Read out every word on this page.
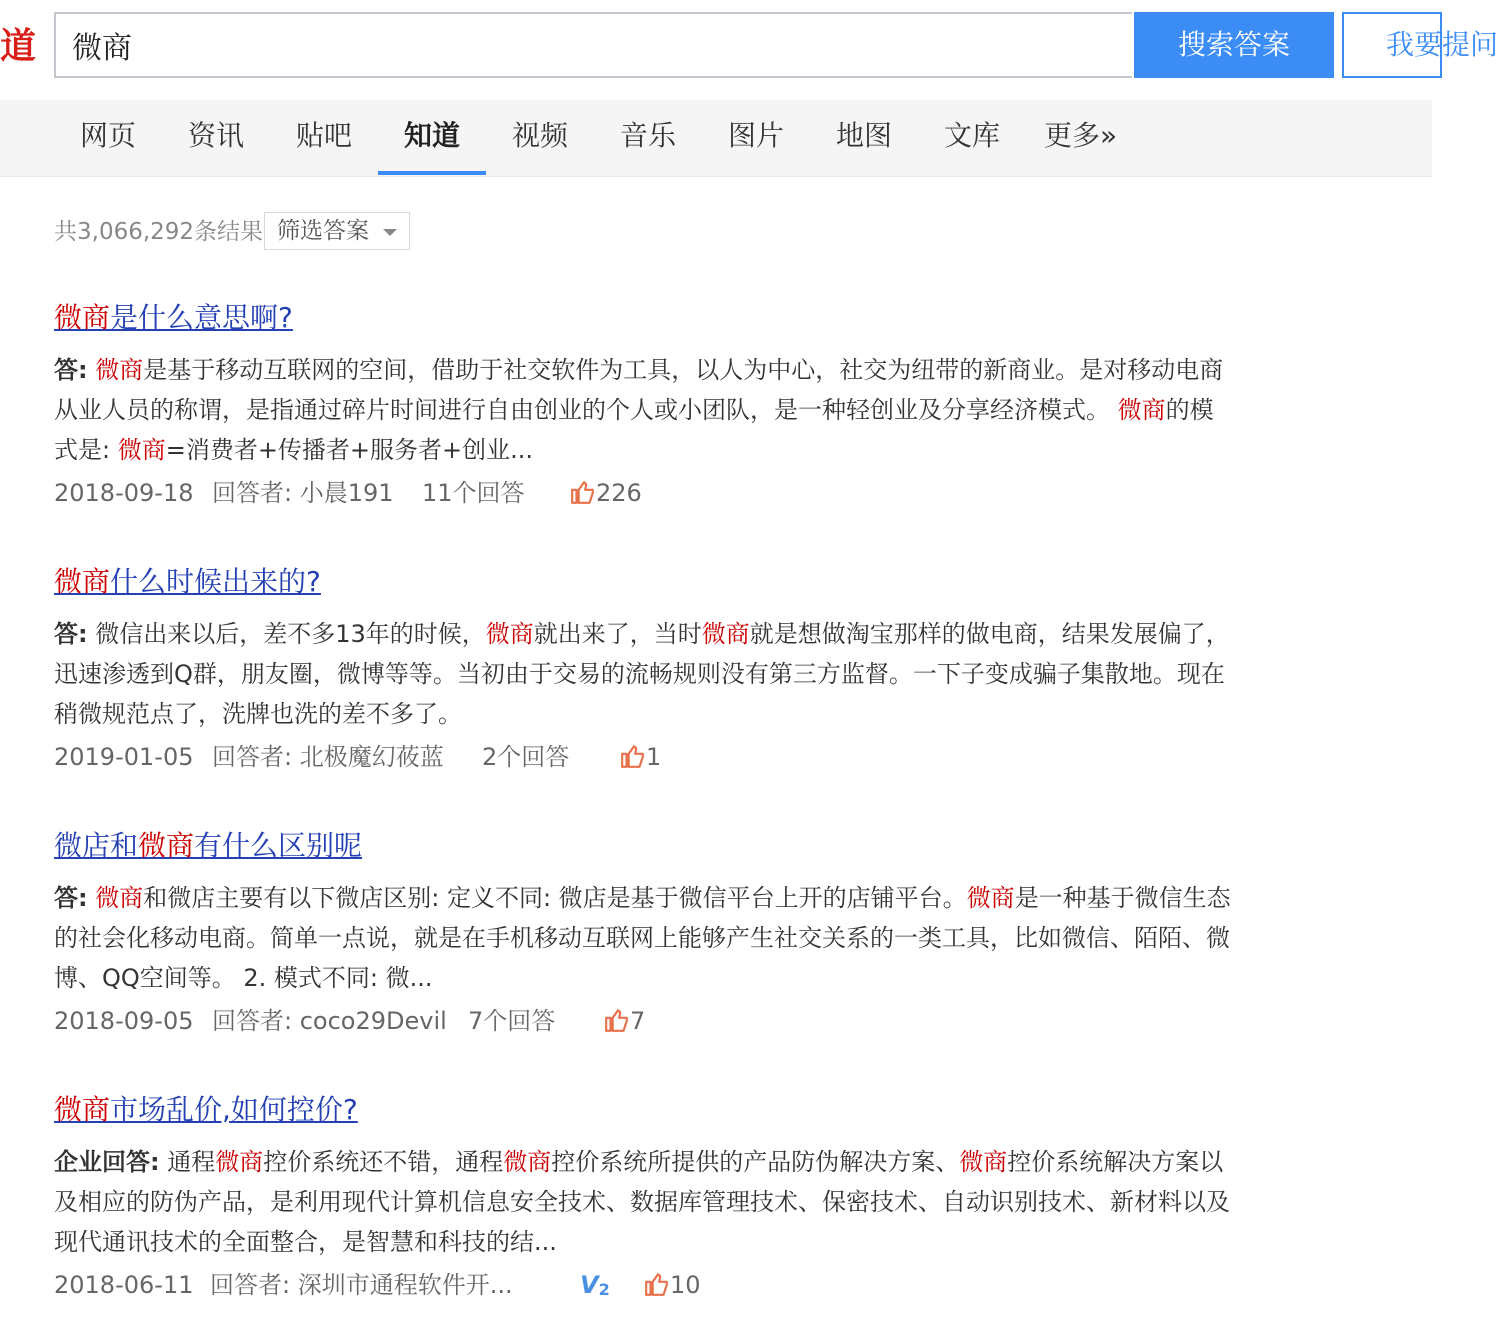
道
微商	搜索答案	我要提问
网页 资讯 贴吧 知道 视频 音乐 图片 地图 文库 更多»
共3,066,292条结果 筛选答案
微商是什么意思啊?
答: 微商是基于移动互联网的空间，借助于社交软件为工具，以人为中心，社交为纽带的新商业。是对移动电商从业人员的称谓，是指通过碎片时间进行自由创业的个人或小团队，是一种轻创业及分享经济模式。 微商的模式是: 微商=消费者+传播者+服务者+创业...
2018-09-18 回答者: 小晨191 11个回答	226
微商什么时候出来的?
答: 微信出来以后，差不多13年的时候，微商就出来了，当时微商就是想做淘宝那样的做电商，结果发展偏了，迅速渗透到Q群，朋友圈，微博等等。当初由于交易的流畅规则没有第三方监督。一下子变成骗子集散地。现在稍微规范点了，洗牌也洗的差不多了。
2019-01-05 回答者: 北极魔幻莜蓝 2个回答	1
微店和微商有什么区别呢
答: 微商和微店主要有以下微店区别: 定义不同: 微店是基于微信平台上开的店铺平台。微商是一种基于微信生态的社会化移动电商。简单一点说，就是在手机移动互联网上能够产生社交关系的一类工具，比如微信、陌陌、微博、QQ空间等。 2. 模式不同: 微...
2018-09-05 回答者: coco29Devil 7个回答	7
微商市场乱价,如何控价?
企业回答: 通程微商控价系统还不错，通程微商控价系统所提供的产品防伪解决方案、微商控价系统解决方案以及相应的防伪产品，是利用现代计算机信息安全技术、数据库管理技术、保密技术、自动识别技术、新材料以及现代通讯技术的全面整合，是智慧和科技的结...
2018-06-11 回答者: 深圳市通程软件开...	$V_2$	10
